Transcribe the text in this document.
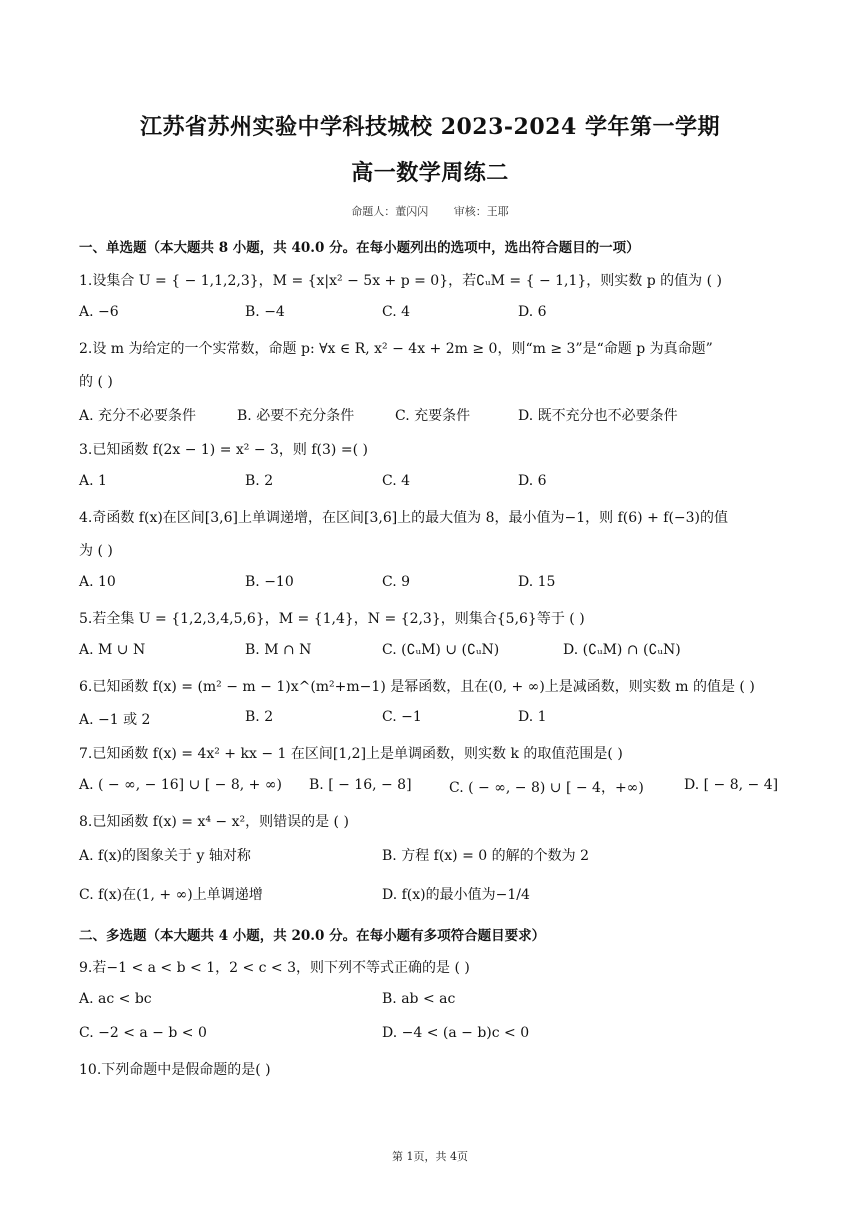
江苏省苏州实验中学科技城校 2023-2024 学年第一学期
高一数学周练二
命题人：董闪闪 审核：王耶
一、单选题（本大题共 8 小题，共 40.0 分。在每小题列出的选项中，选出符合题目的一项）
1.设集合 U = { − 1,1,2,3}，M = {x|x² − 5x + p = 0}，若∁ᵤM = { − 1,1}，则实数 p 的值为 ( )
A. −6	B. −4	C. 4	D. 6
2.设 m 为给定的一个实常数，命题 p: ∀x ∈ R, x² − 4x + 2m ≥ 0，则“m ≥ 3”是“命题 p 为真命题”
的 ( )
A. 充分不必要条件	B. 必要不充分条件	C. 充要条件	D. 既不充分也不必要条件
3.已知函数 f(2x − 1) = x² − 3，则 f(3) =( )
A. 1	B. 2	C. 4	D. 6
4.奇函数 f(x)在区间[3,6]上单调递增，在区间[3,6]上的最大值为 8，最小值为−1，则 f(6) + f(−3)的值
为 ( )
A. 10	B. −10	C. 9	D. 15
5.若全集 U = {1,2,3,4,5,6}，M = {1,4}，N = {2,3}，则集合{5,6}等于 ( )
A. M ∪ N	B. M ∩ N	C. (∁ᵤM) ∪ (∁ᵤN)	D. (∁ᵤM) ∩ (∁ᵤN)
6.已知函数 f(x) = (m² − m − 1)x^(m²+m−1) 是幂函数，且在(0, + ∞)上是减函数，则实数 m 的值是 ( )
A. −1 或 2	B. 2	C. −1	D. 1
7.已知函数 f(x) = 4x² + kx − 1 在区间[1,2]上是单调函数，则实数 k 的取值范围是( )
A. ( − ∞, − 16] ∪ [ − 8, + ∞) B. [ − 16, − 8]	C. ( − ∞, − 8) ∪ [ − 4，+∞)	D. [ − 8, − 4]
8.已知函数 f(x) = x⁴ − x²，则错误的是 ( )
A. f(x)的图象关于 y 轴对称	B. 方程 f(x) = 0 的解的个数为 2
C. f(x)在(1, + ∞)上单调递增	D. f(x)的最小值为−1/4
二、多选题（本大题共 4 小题，共 20.0 分。在每小题有多项符合题目要求）
9.若−1 < a < b < 1，2 < c < 3，则下列不等式正确的是 ( )
A. ac < bc	B. ab < ac
C. −2 < a − b < 0	D. −4 < (a − b)c < 0
10.下列命题中是假命题的是( )
第 1页，共 4页
